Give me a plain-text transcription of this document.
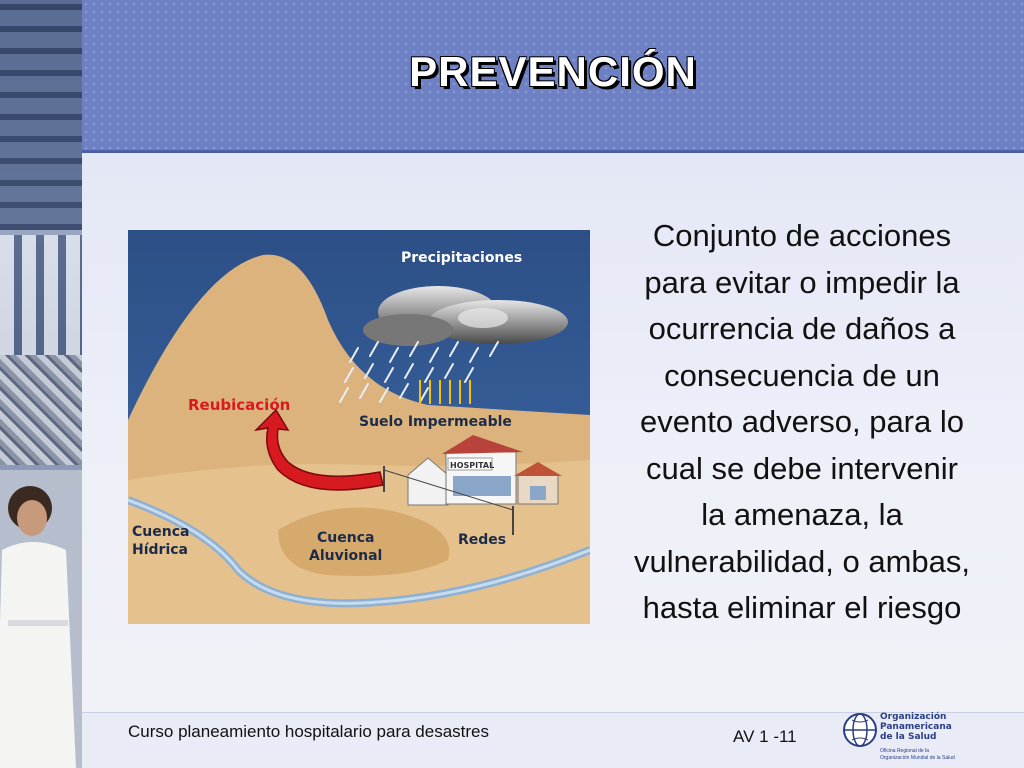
PREVENCIÓN
HOSPITAL
Precipitaciones
Reubicación
Suelo Impermeable
Cuenca
Hídrica
Cuenca
Aluvional
Redes
Conjunto de acciones
para evitar o impedir la
ocurrencia de daños a
consecuencia de un
evento adverso, para lo
cual se debe intervenir
la amenaza, la
vulnerabilidad, o ambas,
hasta eliminar el riesgo
Curso planeamiento hospitalario para desastres	AV 1 -11
Organización
Panamericana
de la Salud
Oficina Regional de la
Organización Mundial de la Salud
